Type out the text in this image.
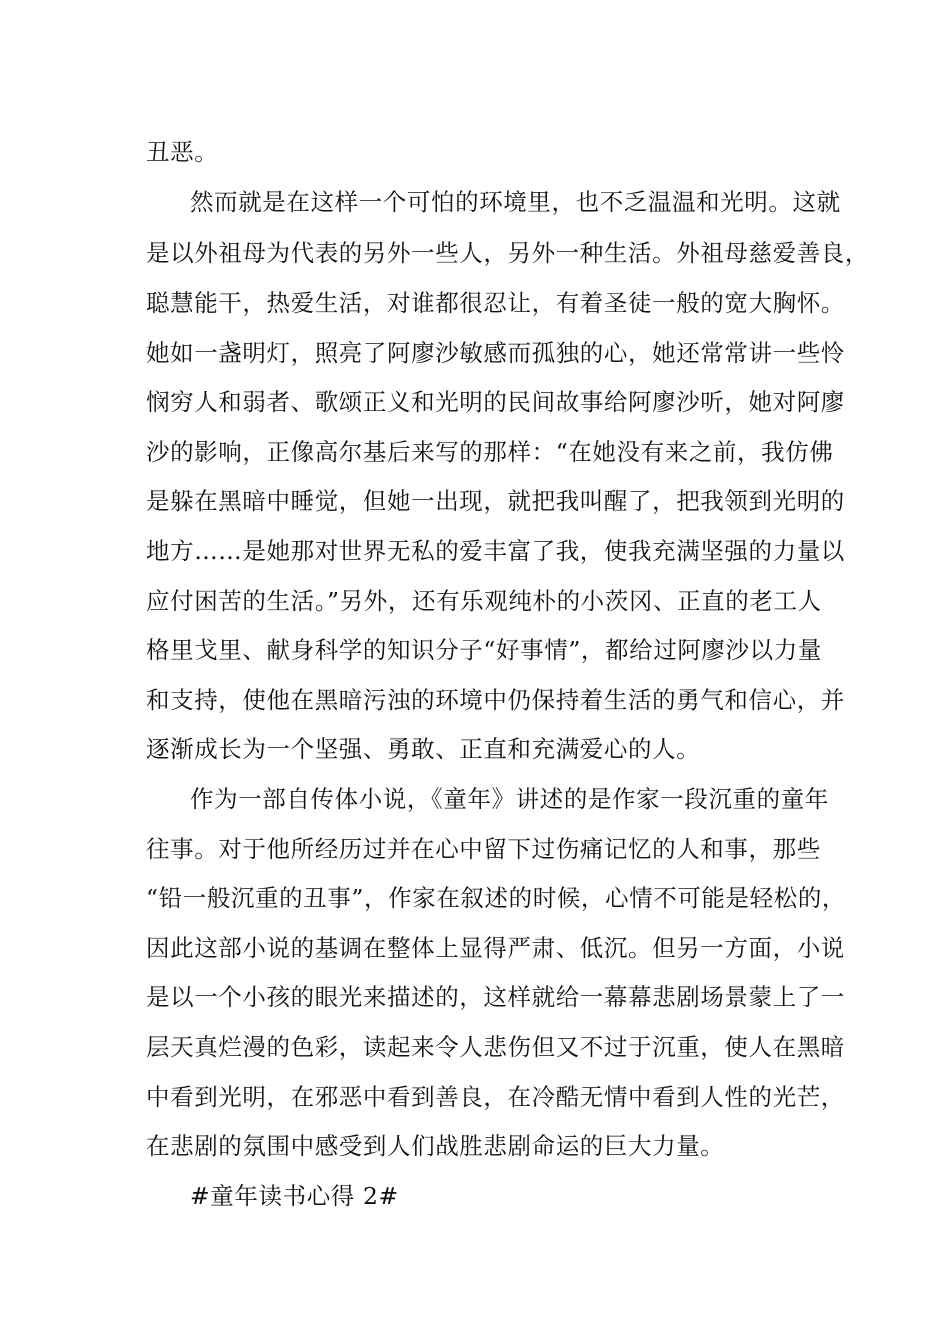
丑恶。
然而就是在这样一个可怕的环境里，也不乏温温和光明。这就
是以外祖母为代表的另外一些人，另外一种生活。外祖母慈爱善良，
聪慧能干，热爱生活，对谁都很忍让，有着圣徒一般的宽大胸怀。
她如一盏明灯，照亮了阿廖沙敏感而孤独的心，她还常常讲一些怜
悯穷人和弱者、歌颂正义和光明的民间故事给阿廖沙听，她对阿廖
沙的影响，正像高尔基后来写的那样：“在她没有来之前，我仿佛
是躲在黑暗中睡觉，但她一出现，就把我叫醒了，把我领到光明的
地方……是她那对世界无私的爱丰富了我，使我充满坚强的力量以
应付困苦的生活。”另外，还有乐观纯朴的小茨冈、正直的老工人
格里戈里、献身科学的知识分子“好事情”，都给过阿廖沙以力量
和支持，使他在黑暗污浊的环境中仍保持着生活的勇气和信心，并
逐渐成长为一个坚强、勇敢、正直和充满爱心的人。
作为一部自传体小说，《童年》讲述的是作家一段沉重的童年
往事。对于他所经历过并在心中留下过伤痛记忆的人和事，那些
“铅一般沉重的丑事”，作家在叙述的时候，心情不可能是轻松的，
因此这部小说的基调在整体上显得严肃、低沉。但另一方面，小说
是以一个小孩的眼光来描述的，这样就给一幕幕悲剧场景蒙上了一
层天真烂漫的色彩，读起来令人悲伤但又不过于沉重，使人在黑暗
中看到光明，在邪恶中看到善良，在冷酷无情中看到人性的光芒，
在悲剧的氛围中感受到人们战胜悲剧命运的巨大力量。
#童年读书心得 2#
